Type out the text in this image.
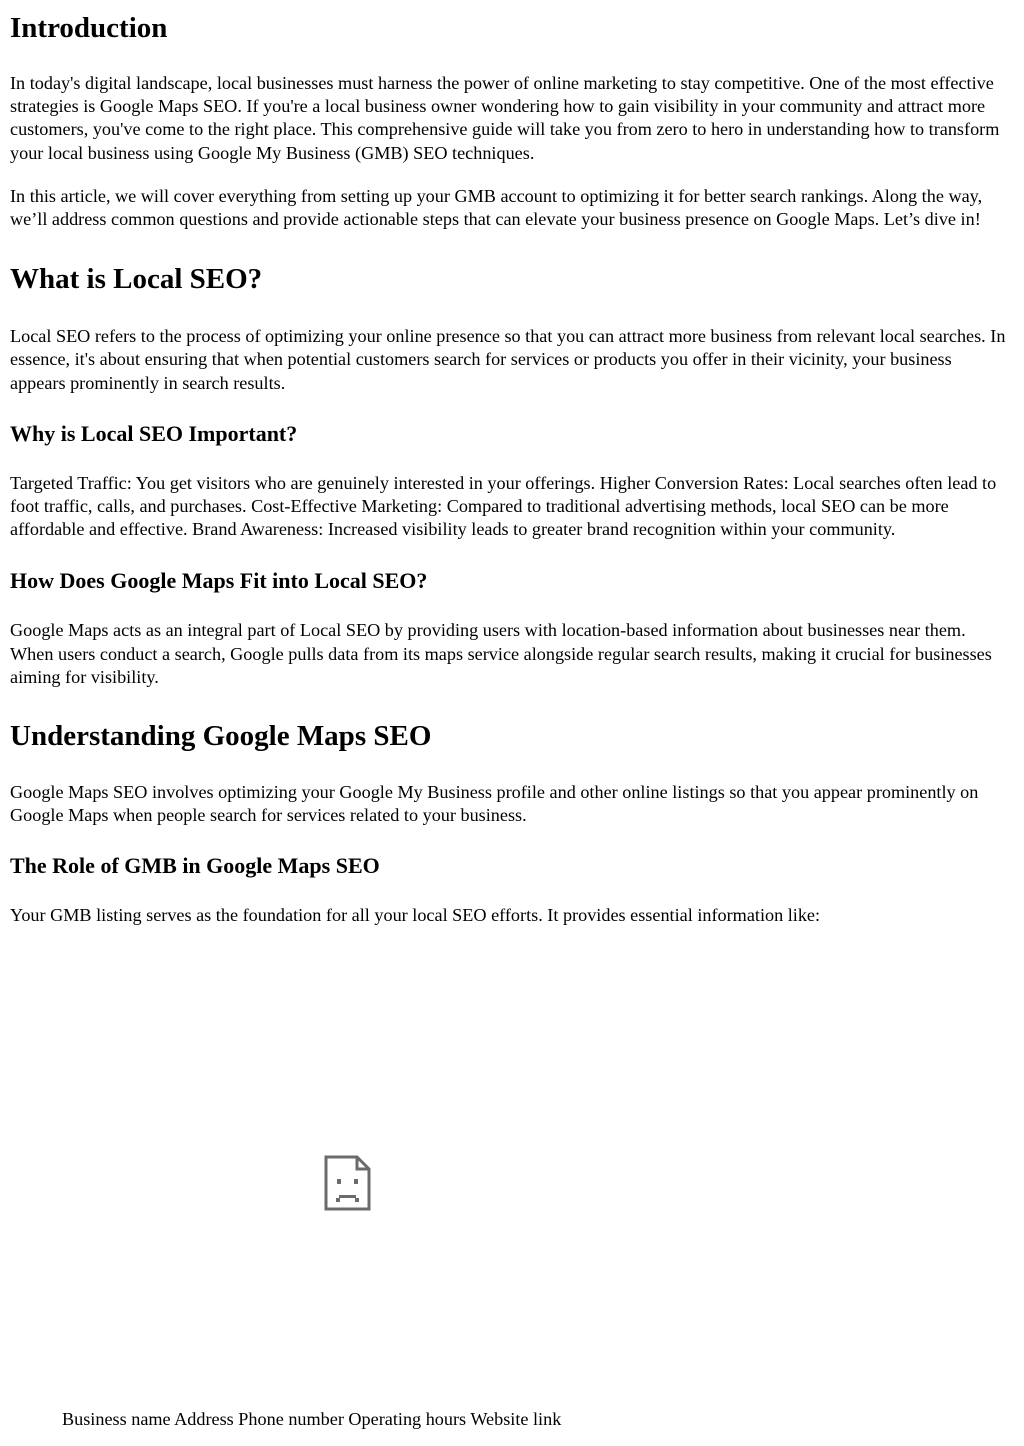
Introduction

In today's digital landscape, local businesses must harness the power of online marketing to stay competitive. One of the most effective strategies is Google Maps SEO. If you're a local business owner wondering how to gain visibility in your community and attract more customers, you've come to the right place. This comprehensive guide will take you from zero to hero in understanding how to transform your local business using Google My Business (GMB) SEO techniques.

In this article, we will cover everything from setting up your GMB account to optimizing it for better search rankings. Along the way, we’ll address common questions and provide actionable steps that can elevate your business presence on Google Maps. Let’s dive in!

What is Local SEO?

Local SEO refers to the process of optimizing your online presence so that you can attract more business from relevant local searches. In essence, it's about ensuring that when potential customers search for services or products you offer in their vicinity, your business appears prominently in search results.

Why is Local SEO Important?

Targeted Traffic: You get visitors who are genuinely interested in your offerings. Higher Conversion Rates: Local searches often lead to foot traffic, calls, and purchases. Cost-Effective Marketing: Compared to traditional advertising methods, local SEO can be more affordable and effective. Brand Awareness: Increased visibility leads to greater brand recognition within your community.

How Does Google Maps Fit into Local SEO?

Google Maps acts as an integral part of Local SEO by providing users with location-based information about businesses near them. When users conduct a search, Google pulls data from its maps service alongside regular search results, making it crucial for businesses aiming for visibility.

Understanding Google Maps SEO

Google Maps SEO involves optimizing your Google My Business profile and other online listings so that you appear prominently on Google Maps when people search for services related to your business.

The Role of GMB in Google Maps SEO

Your GMB listing serves as the foundation for all your local SEO efforts. It provides essential information like:

Business name Address Phone number Operating hours Website link
